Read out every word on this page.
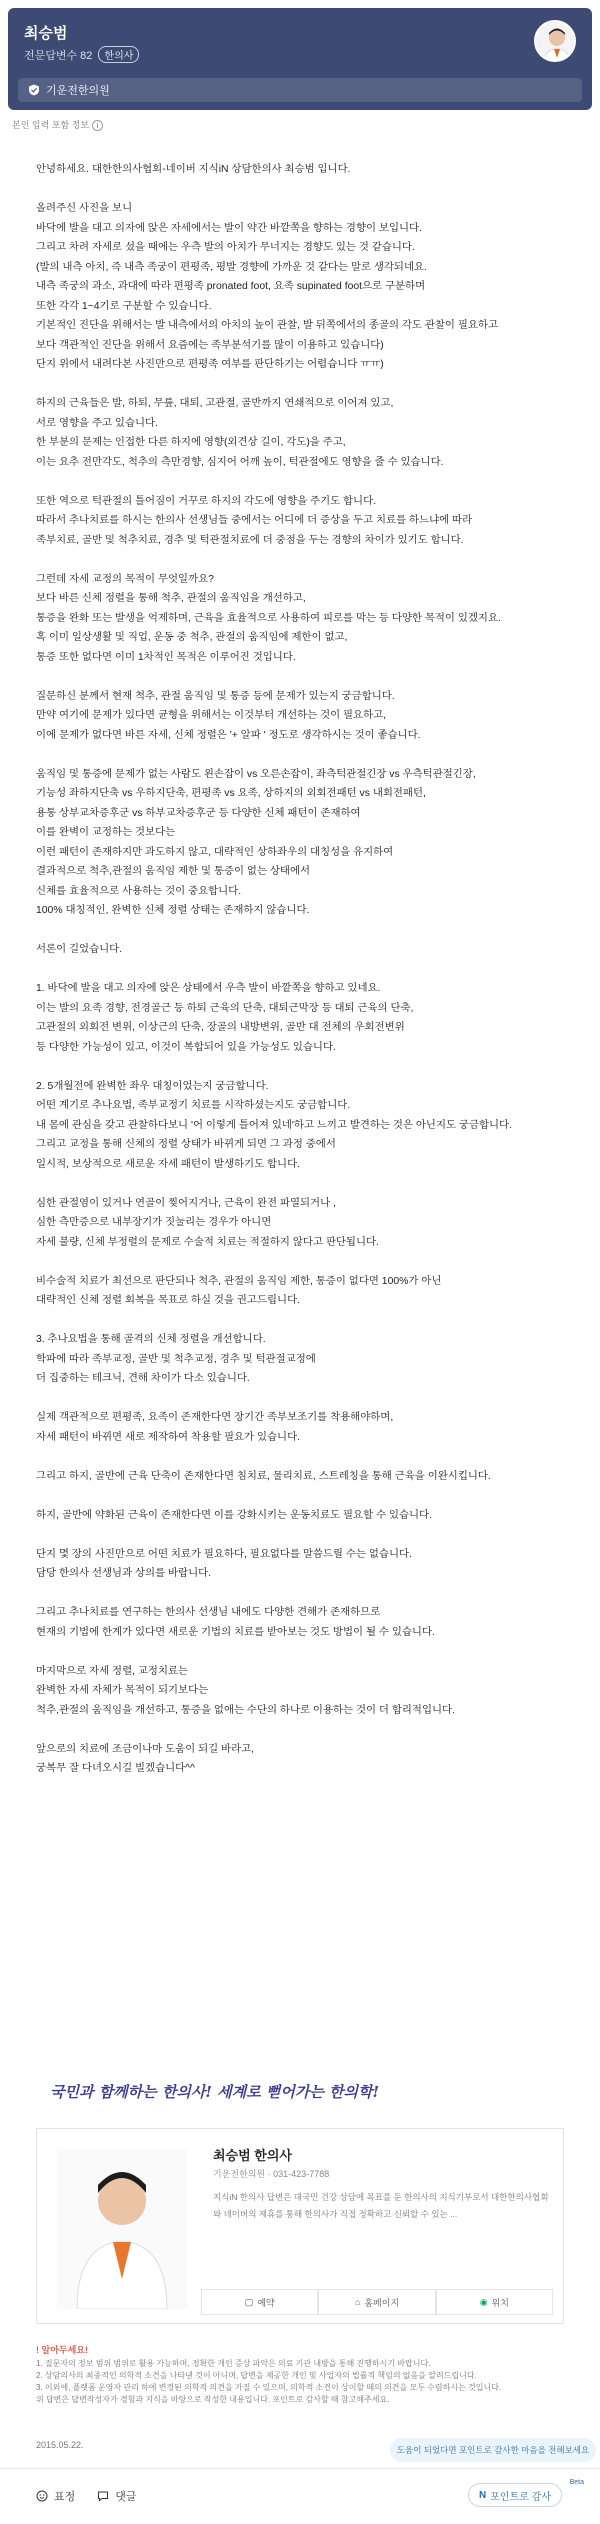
최승범
전문답변수 82 한의사
기운전한의원
본인 입력 포함 정보 i

안녕하세요. 대한한의사협회-네이버 지식iN 상담한의사 최승범 입니다.

올려주신 사진을 보니
바닥에 발을 대고 의자에 앉은 자세에서는 발이 약간 바깥쪽을 향하는 경향이 보입니다.
그리고 차려 자세로 섰을 때에는 우측 발의 아치가 무너지는 경향도 있는 것 같습니다.
(발의 내측 아치, 즉 내측 족궁이 편평족, 평발 경향에 가까운 것 같다는 말로 생각되네요.
내측 족궁의 과소, 과대에 따라 편평족 pronated foot, 요족 supinated foot으로 구분하며
또한 각각 1~4기로 구분할 수 있습니다.
기본적인 진단을 위해서는 발 내측에서의 아치의 높이 관찰, 발 뒤쪽에서의 종골의 각도 관찰이 필요하고
보다 객관적인 진단을 위해서 요즘에는 족부분석기를 많이 이용하고 있습니다)
단지 위에서 내려다본 사진만으로 편평족 여부를 판단하기는 어렵습니다 ㅠㅠ)

하지의 근육들은 발, 하퇴, 무릎, 대퇴, 고관절, 골반까지 연쇄적으로 이어져 있고,
서로 영향을 주고 있습니다.
한 부분의 문제는 인접한 다른 하지에 영향(외견상 길이, 각도)을 주고,
이는 요추 전만각도, 척추의 측만경향, 심지어 어깨 높이, 턱관절에도 영향을 줄 수 있습니다.

또한 역으로 턱관절의 틀어짐이 거꾸로 하지의 각도에 영향을 주기도 합니다.
따라서 추나치료를 하시는 한의사 선생님들 중에서는 어디에 더 증상을 두고 치료를 하느냐에 따라
족부치료, 골반 및 척추치료, 경추 및 턱관절치료에 더 중점을 두는 경향의 차이가 있기도 합니다.

그런데 자세 교정의 목적이 무엇일까요?
보다 바른 신체 정렬을 통해 척추, 관절의 움직임을 개선하고,
통증을 완화 또는 발생을 억제하며, 근육을 효율적으로 사용하여 피로를 막는 등 다양한 목적이 있겠지요.
혹 이미 일상생활 및 직업, 운동 중 척추, 관절의 움직임에 제한이 없고,
통증 또한 없다면 이미 1차적인 목적은 이루어진 것입니다.

질문하신 분께서 현재 척추, 관절 움직임 및 통증 등에 문제가 있는지 궁금합니다.
만약 여기에 문제가 있다면 균형을 위해서는 이것부터 개선하는 것이 필요하고,
이에 문제가 없다면 바른 자세, 신체 정렬은 '+ 알파 ' 정도로 생각하시는 것이 좋습니다.

움직임 및 통증에 문제가 없는 사람도 왼손잡이 vs 오른손잡이, 좌측턱관절긴장 vs 우측턱관절긴장,
기능성 좌하지단축 vs 우하지단축, 편평족 vs 요족, 상하지의 외회전패턴 vs 내회전패턴,
용통 상부교차증후군 vs 하부교차증후군 등 다양한 신체 패턴이 존재하여
이를 완벽이 교정하는 것보다는
이런 패턴이 존재하지만 과도하지 않고, 대략적인 상하좌우의 대칭성을 유지하여
결과적으로 척추,관절의 움직임 제한 및 통증이 없는 상태에서
신체를 효율적으로 사용하는 것이 중요합니다.
100% 대칭적인, 완벽한 신체 정렬 상태는 존재하지 않습니다.

서론이 길었습니다.

1. 바닥에 발을 대고 의자에 앉은 상태에서 우측 발이 바깥쪽을 향하고 있네요.
이는 발의 요족 경향, 전경골근 등 하퇴 근육의 단축, 대퇴근막장 등 대퇴 근육의 단축,
고관절의 외회전 변위, 이상근의 단축, 장골의 내방변위, 골반 대 전체의 우회전변위
등 다양한 가능성이 있고, 이것이 복합되어 있을 가능성도 있습니다.

2. 5개월전에 완벽한 좌우 대칭이었는지 궁금합니다.
어떤 계기로 추나요법, 족부교정기 치료를 시작하셨는지도 궁금합니다.
내 몸에 관심을 갖고 관찰하다보니 '어 이렇게 틀어져 있네'하고 느끼고 발견하는 것은 아닌지도 궁금합니다.
그리고 교정을 통해 신체의 정렬 상태가 바뀌게 되면 그 과정 중에서
일시적, 보상적으로 새로운 자세 패턴이 발생하기도 합니다.

심한 관절염이 있거나 연골이 찢어지거나, 근육이 완전 파열되거나 ,
심한 측만증으로 내부장기가 짓눌리는 경우가 아니면
자세 불량, 신체 부정렬의 문제로 수술적 치료는 적절하지 않다고 판단됩니다.

비수술적 치료가 최선으로 판단되나 척추, 관절의 움직임 제한, 통증이 없다면 100%가 아닌
대략적인 신체 정렬 회복을 목표로 하실 것을 권고드립니다.

3. 추나요법을 통해 골격의 신체 정렬을 개선합니다.
학파에 따라 족부교정, 골반 및 척추교정, 경추 및 턱관절교정에
더 집중하는 테크닉, 견해 차이가 다소 있습니다.

실제 객관적으로 편평족, 요족이 존재한다면 장기간 족부보조기를 착용해야하며,
자세 패턴이 바뀌면 새로 제작하여 착용할 필요가 있습니다.

그리고 하지, 골반에 근육 단축이 존재한다면 침치료, 물리치료, 스트레칭을 통해 근육을 이완시킵니다.

하지, 골반에 약화된 근육이 존재한다면 이를 강화시키는 운동치료도 필요할 수 있습니다.

단지 몇 장의 사진만으로 어떤 치료가 필요하다, 필요없다를 말씀드릴 수는 없습니다.
담당 한의사 선생님과 상의를 바랍니다.

그리고 추나치료를 연구하는 한의사 선생님 내에도 다양한 견해가 존재하므로
현재의 기법에 한계가 있다면 새로운 기법의 치료를 받아보는 것도 방법이 될 수 있습니다.

마지막으로 자세 정렬, 교정치료는
완벽한 자세 자체가 목적이 되기보다는
척추,관절의 움직임을 개선하고, 통증을 없애는 수단의 하나로 이용하는 것이 더 합리적입니다.

앞으로의 치료에 조금이나마 도움이 되길 바라고,
궁복무 잘 다녀오시길 빌겠습니다^^

국민과 함께하는 한의사! 세계로 뻗어가는 한의학!
최승범 한의사
기운전한의원 · 031-423-7788
지식iN 한의사 답변은 대국민 건강 상담에 목표를 둔 한의사의 지식기부로서 대한한의사협회와 네이버의 제휴를 통해 한의사가 직접 정확하고 신뢰할 수 있는 ...
▢ 예약	⌂ 홈페이지	◉ 위치
! 알아두세요!
1. 질문자의 정보 범위 범위로 활용 가능하며, 정확한 개인 증상 파악은 의료 기관 내방을 통해 진행하시기 바랍니다.
2. 상담의사의 최종적인 의학적 소견을 나타낸 것이 아니며, 답변을 제공한 개인 및 사업자의 법률적 책임의 없음을 알려드립니다.
3. 이외에, 플랫폼 운영자 관리 하에 변경된 의학적 의견을 가질 수 있으며, 의학적 소견이 상이할 때의 의견을 모두 수렴하시는 것입니다.
위 답변은 답변작성자가 경험과 지식을 바탕으로 작성한 내용입니다. 포인트로 감사할 때 참고해주세요.
2015.05.22.	도움이 되었다면 포인트로 감사한 마음을 전해보세요
표정	댓글	N 포인트로 감사
Beta
